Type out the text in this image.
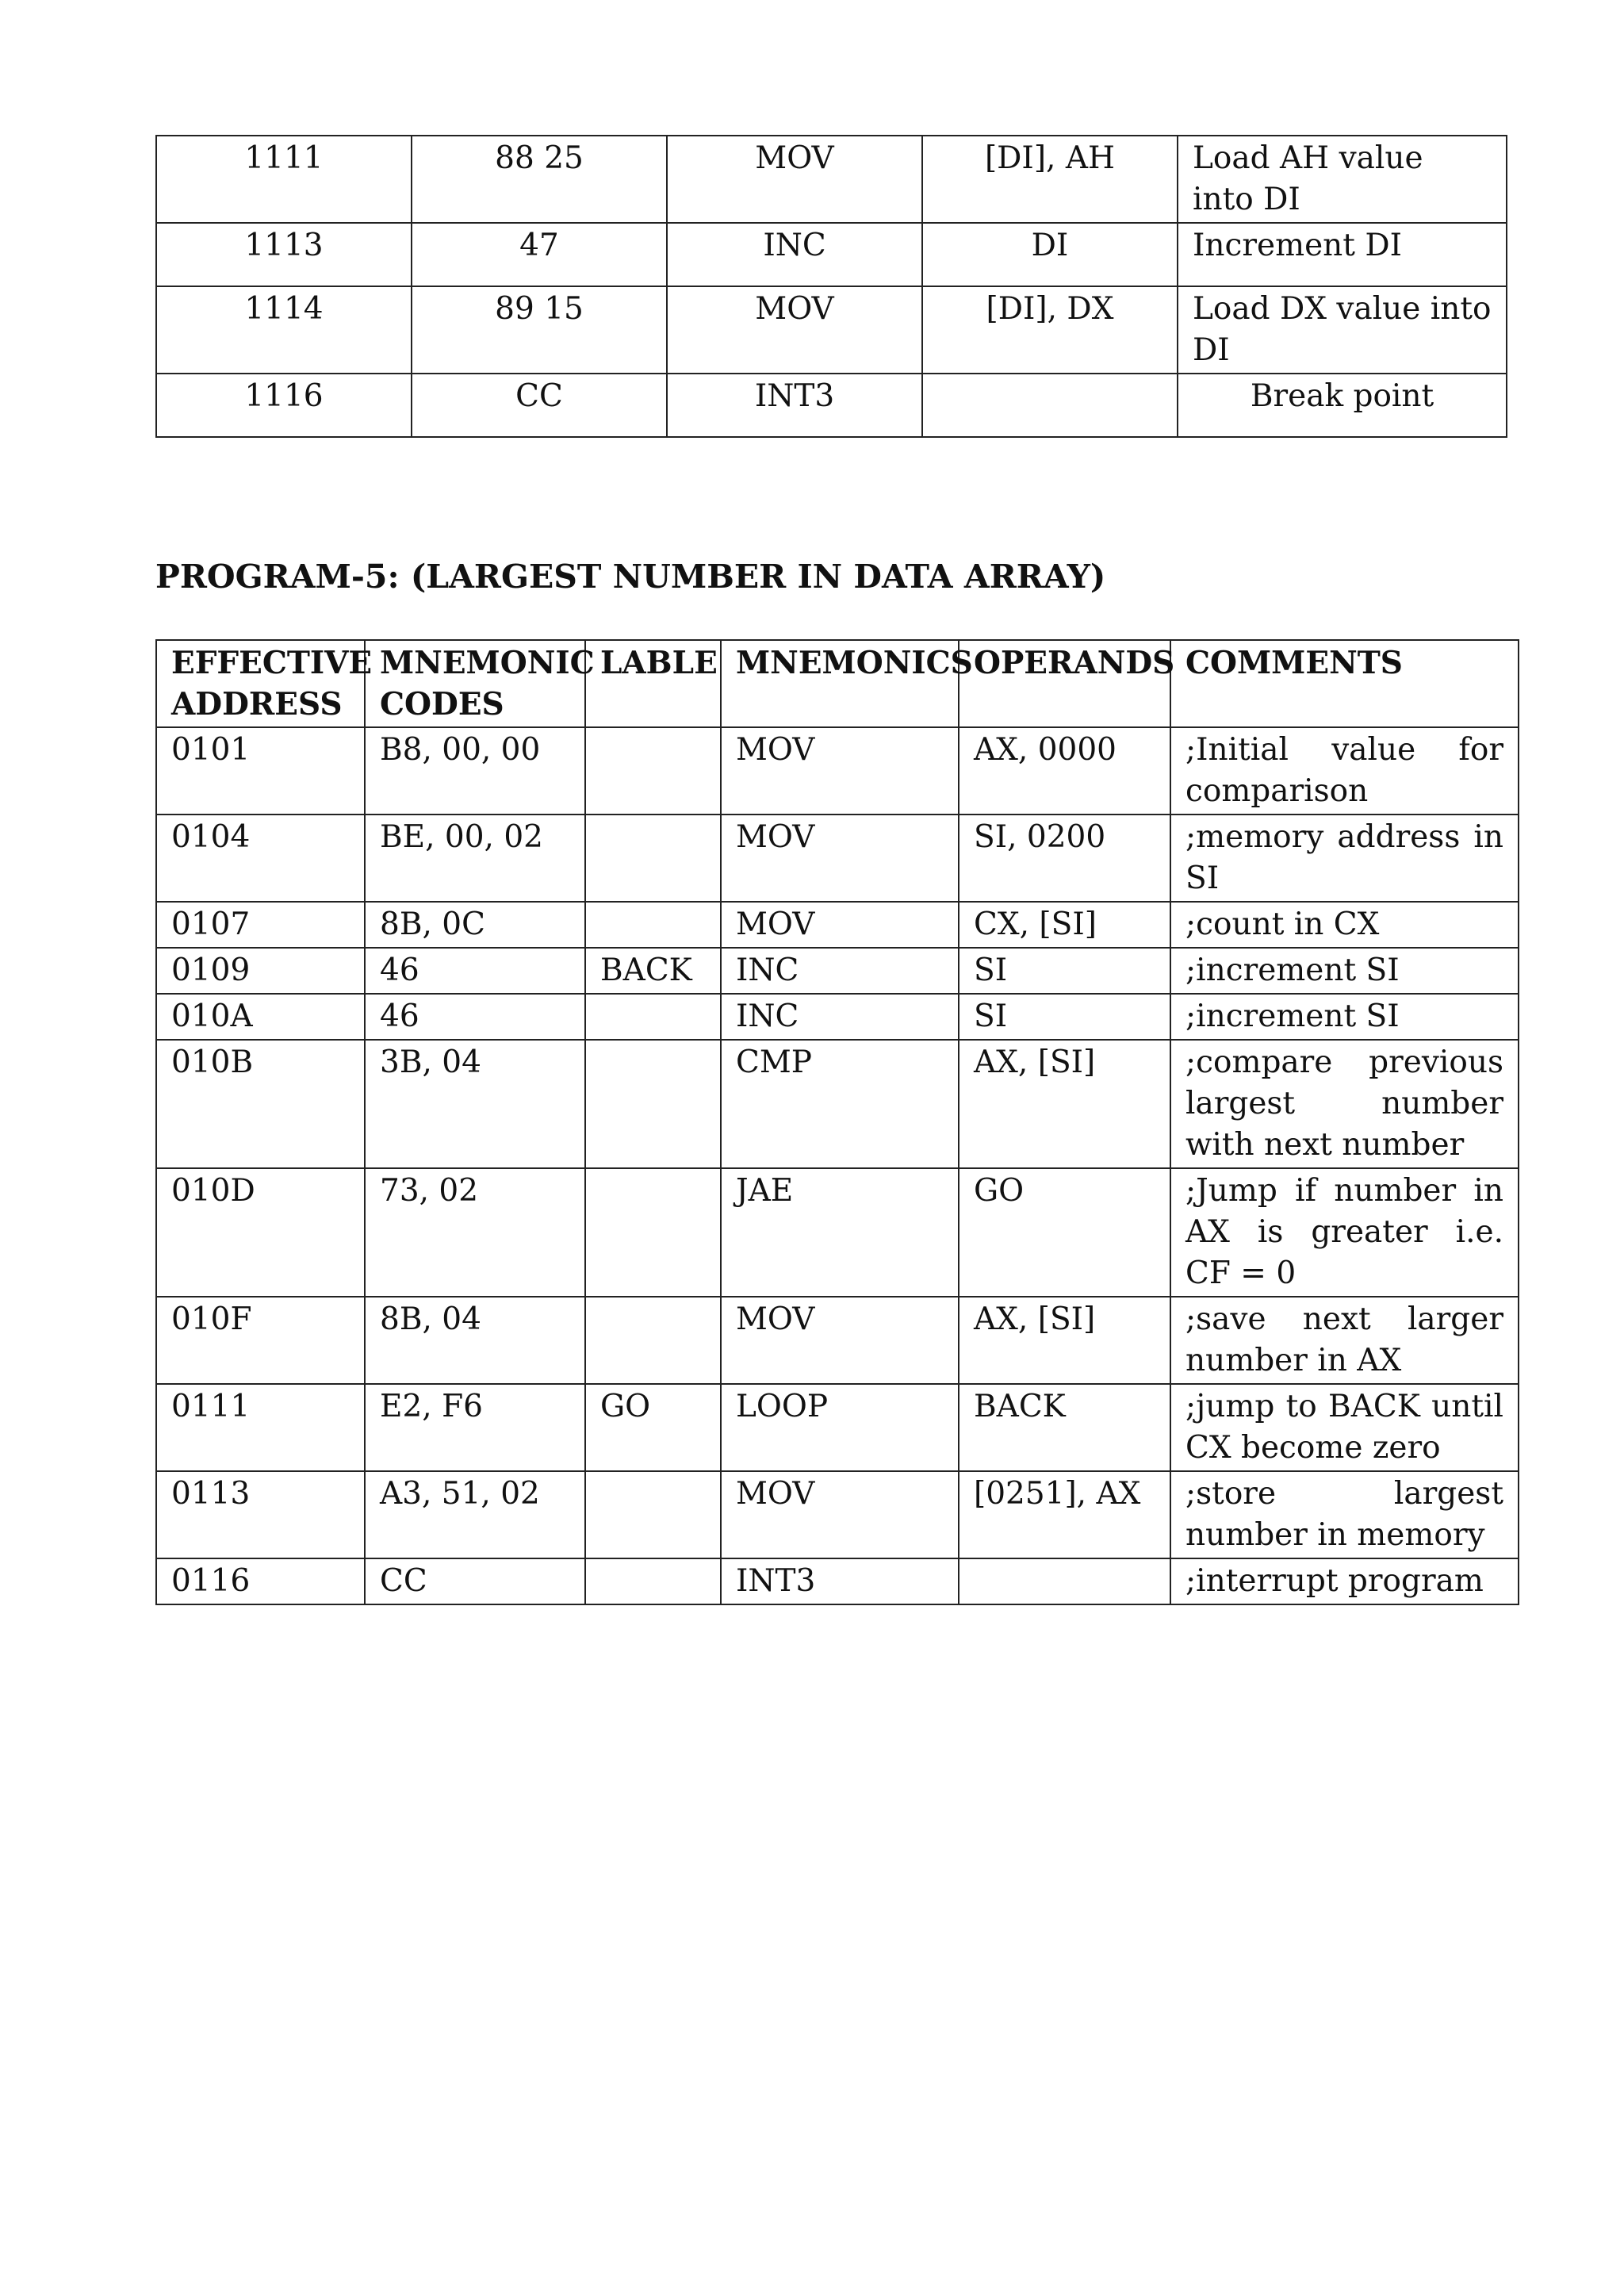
1111	88 25	MOV	[DI], AH	Load AH value into DI
1113	47	INC	DI	Increment DI
1114	89 15	MOV	[DI], DX	Load DX value into DI
1116	CC	INT3		Break point
PROGRAM-5: (LARGEST NUMBER IN DATA ARRAY)
EFFECTIVE ADDRESS	MNEMONIC CODES	LABLE	MNEMONICS	OPERANDS	COMMENTS
0101	B8, 00, 00		MOV	AX, 0000	;Initial value for comparison
0104	BE, 00, 02		MOV	SI, 0200	;memory address in SI
0107	8B, 0C		MOV	CX, [SI]	;count in CX
0109	46	BACK	INC	SI	;increment SI
010A	46		INC	SI	;increment SI
010B	3B, 04		CMP	AX, [SI]	;compare previous largest number with next number
010D	73, 02		JAE	GO	;Jump if number in AX is greater i.e. CF = 0
010F	8B, 04		MOV	AX, [SI]	;save next larger number in AX
0111	E2, F6	GO	LOOP	BACK	;jump to BACK until CX become zero
0113	A3, 51, 02		MOV	[0251], AX	;store largest number in memory
0116	CC		INT3		;interrupt program
